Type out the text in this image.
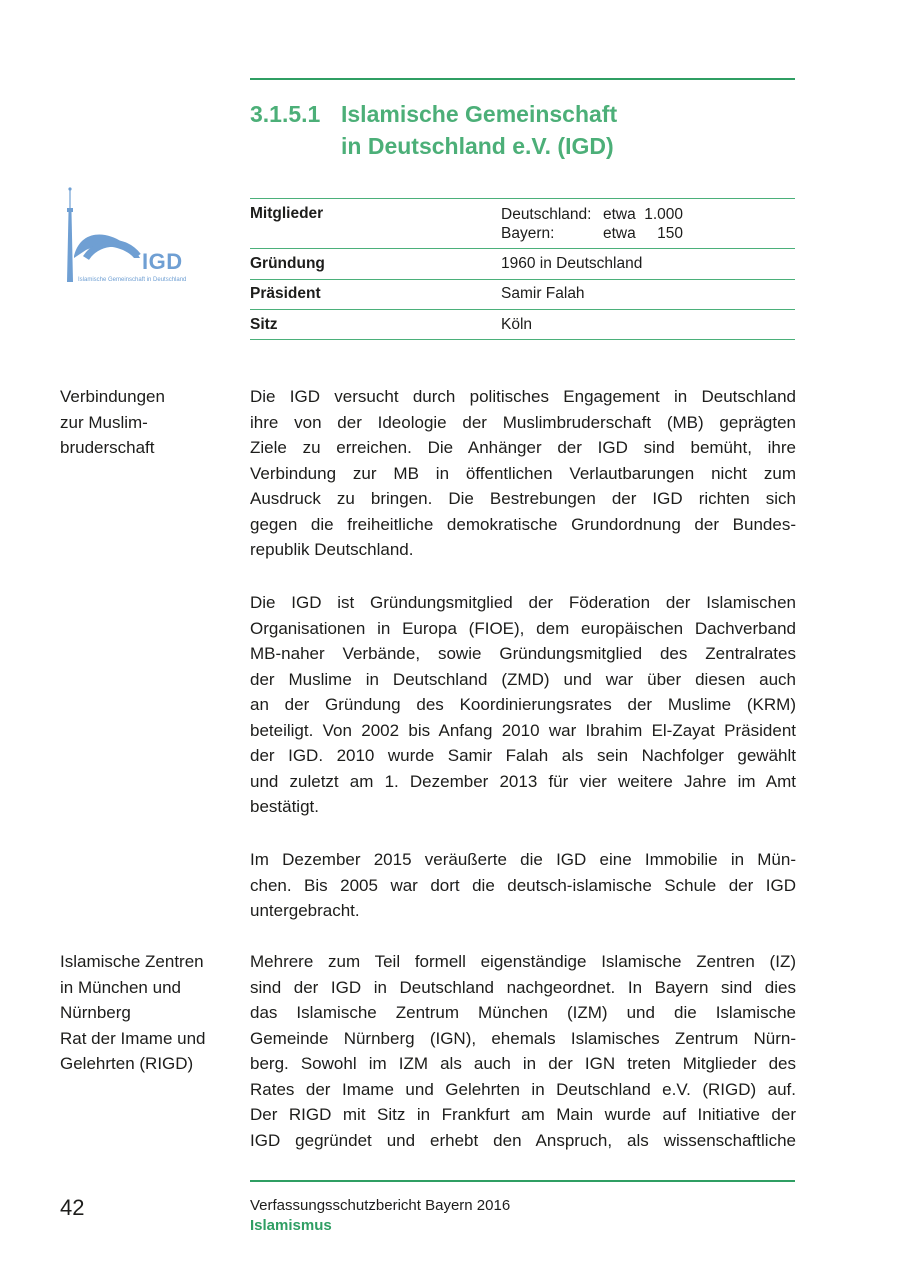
3.1.5.1 Islamische Gemeinschaft
in Deutschland e.V. (IGD)
IGD
Islamische Gemeinschaft in Deutschland
Mitglieder	Deutschland: etwa 1.000
Bayern:	etwa 150
Gründung	1960 in Deutschland
Präsident	Samir Falah
Sitz	Köln
Verbindungen
zur Muslim-
bruderschaft
Islamische Zentren
in München und
Nürnberg
Rat der Imame und
Gelehrten (RIGD)
Die IGD versucht durch politisches Engagement in Deutschland
ihre von der Ideologie der Muslimbruderschaft (MB) geprägten
Ziele zu erreichen. Die Anhänger der IGD sind bemüht, ihre
Verbindung zur MB in öffentlichen Verlautbarungen nicht zum
Ausdruck zu bringen. Die Bestrebungen der IGD richten sich
gegen die freiheitliche demokratische Grundordnung der Bundes-
republik Deutschland.
Die IGD ist Gründungsmitglied der Föderation der Islamischen
Organisationen in Europa (FIOE), dem europäischen Dachverband
MB-naher Verbände, sowie Gründungsmitglied des Zentralrates
der Muslime in Deutschland (ZMD) und war über diesen auch
an der Gründung des Koordinierungsrates der Muslime (KRM)
beteiligt. Von 2002 bis Anfang 2010 war Ibrahim El-Zayat Präsident
der IGD. 2010 wurde Samir Falah als sein Nachfolger gewählt
und zuletzt am 1. Dezember 2013 für vier weitere Jahre im Amt
bestätigt.
Im Dezember 2015 veräußerte die IGD eine Immobilie in Mün-
chen. Bis 2005 war dort die deutsch-islamische Schule der IGD
untergebracht.
Mehrere zum Teil formell eigenständige Islamische Zentren (IZ)
sind der IGD in Deutschland nachgeordnet. In Bayern sind dies
das Islamische Zentrum München (IZM) und die Islamische
Gemeinde Nürnberg (IGN), ehemals Islamisches Zentrum Nürn-
berg. Sowohl im IZM als auch in der IGN treten Mitglieder des
Rates der Imame und Gelehrten in Deutschland e.V. (RIGD) auf.
Der RIGD mit Sitz in Frankfurt am Main wurde auf Initiative der
IGD gegründet und erhebt den Anspruch, als wissenschaftliche
42	Verfassungsschutzbericht Bayern 2016
Islamismus
